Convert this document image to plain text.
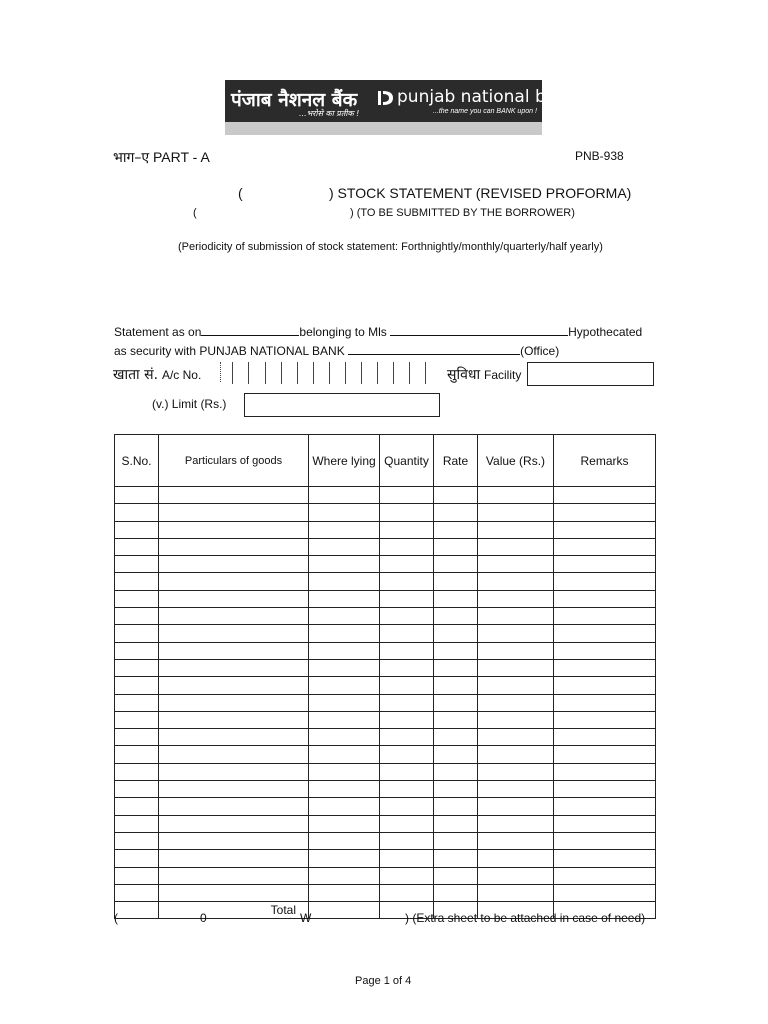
पंजाब नैशनल बैंक punjab national bank
...भरोसे का प्रतीक !	...the name you can BANK upon !
भाग–ए PART - A	PNB-938
(	) STOCK STATEMENT (REVISED PROFORMA)
(	) (TO BE SUBMITTED BY THE BORROWER)
(Periodicity of submission of stock statement: Forthnightly/monthly/quarterly/half yearly)
Statement as on	belonging to Mls	Hypothecated
as security with PUNJAB NATIONAL BANK	(Office)
खाता सं. A/c No.	सुविधा Facility
(v.) Limit (Rs.)
S.No.	Particulars of goods	Where lying	Quantity	Rate	Value (Rs.)	Remarks

	Total					
(	0	W	) (Extra sheet to be attached in case of need)
Page 1 of 4
